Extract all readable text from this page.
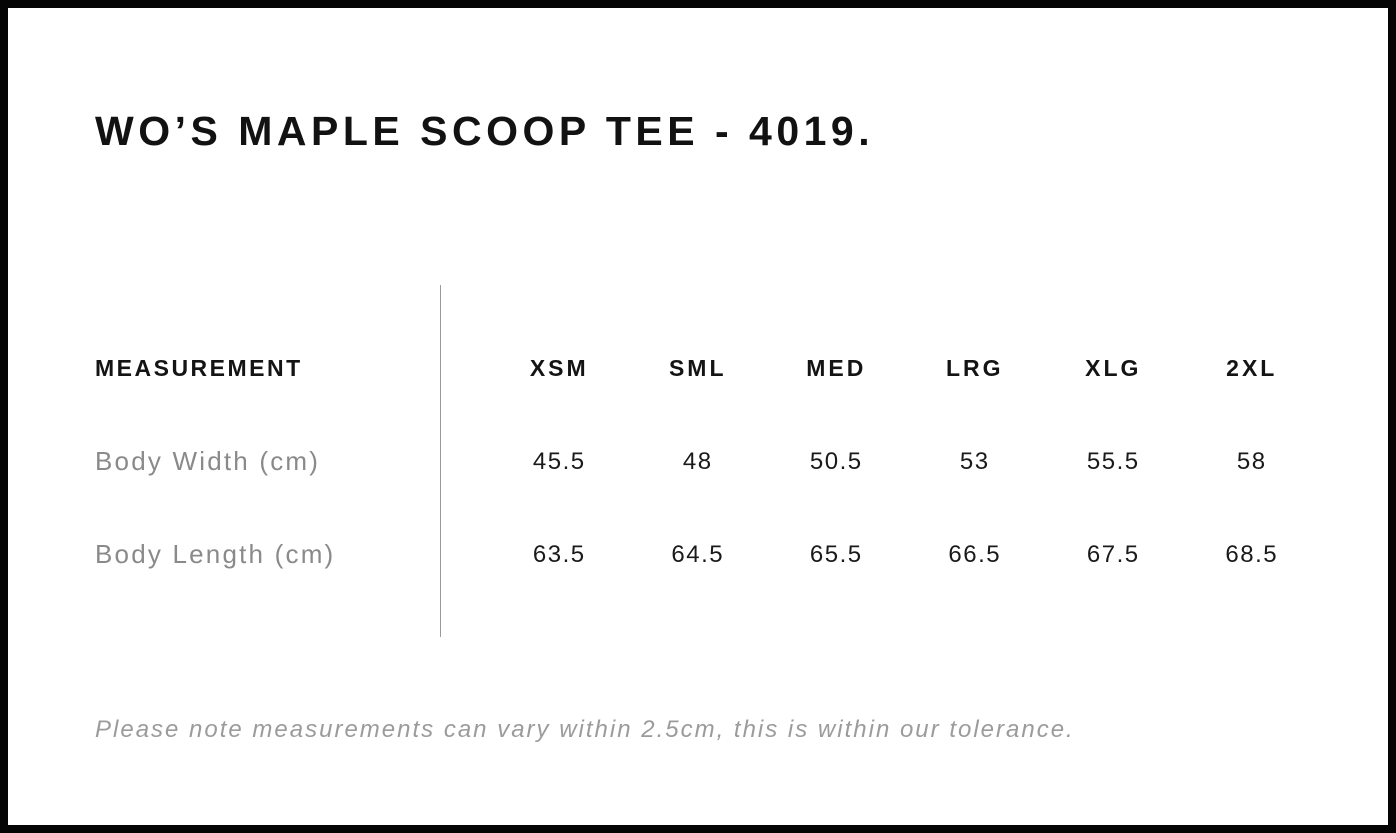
WO’S MAPLE SCOOP TEE - 4019.
MEASUREMENT	XSM	SML	MED	LRG	XLG	2XL
Body Width (cm)	45.5	48	50.5	53	55.5	58
Body Length (cm)	63.5	64.5	65.5	66.5	67.5	68.5

Please note measurements can vary within 2.5cm, this is within our tolerance.
